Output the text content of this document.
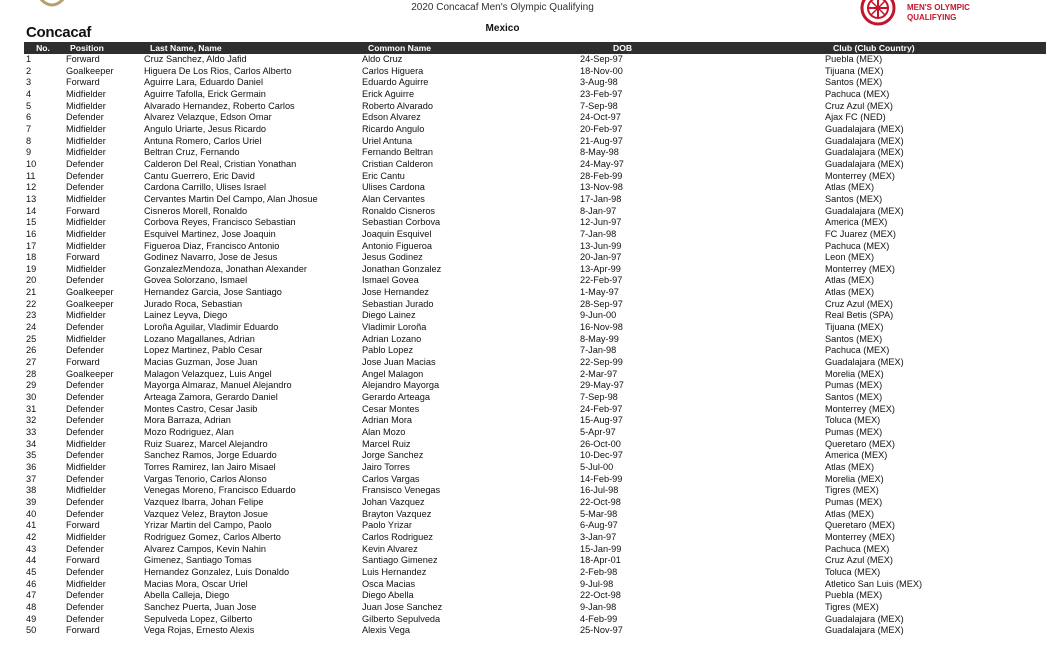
Concacaf
2020 Concacaf Men's Olympic Qualifying
Mexico
MEN'S OLYMPIC
QUALIFYING
No.	Position	Last Name, Name	Common Name	DOB	Club (Club Country)
1	Forward	Cruz Sanchez, Aldo Jafid	Aldo Cruz	24-Sep-97	Puebla (MEX)
2	Goalkeeper	Higuera De Los Rios, Carlos Alberto	Carlos Higuera	18-Nov-00	Tijuana (MEX)
3	Forward	Aguirre Lara, Eduardo Daniel	Eduardo Aguirre	3-Aug-98	Santos (MEX)
4	Midfielder	Aguirre Tafolla, Erick Germain	Erick Aguirre	23-Feb-97	Pachuca (MEX)
5	Midfielder	Alvarado Hernandez, Roberto Carlos	Roberto Alvarado	7-Sep-98	Cruz Azul (MEX)
6	Defender	Alvarez Velazque, Edson Omar	Edson Alvarez	24-Oct-97	Ajax FC (NED)
7	Midfielder	Angulo Uriarte, Jesus Ricardo	Ricardo Angulo	20-Feb-97	Guadalajara (MEX)
8	Midfielder	Antuna Romero, Carlos Uriel	Uriel Antuna	21-Aug-97	Guadalajara (MEX)
9	Midfielder	Beltran Cruz, Fernando	Fernando Beltran	8-May-98	Guadalajara (MEX)
10	Defender	Calderon Del Real, Cristian Yonathan	Cristian Calderon	24-May-97	Guadalajara (MEX)
11	Defender	Cantu Guerrero, Eric David	Eric Cantu	28-Feb-99	Monterrey (MEX)
12	Defender	Cardona Carrillo, Ulises Israel	Ulises Cardona	13-Nov-98	Atlas (MEX)
13	Midfielder	Cervantes Martin Del Campo, Alan Jhosue	Alan Cervantes	17-Jan-98	Santos (MEX)
14	Forward	Cisneros Morell, Ronaldo	Ronaldo Cisneros	8-Jan-97	Guadalajara (MEX)
15	Midfielder	Corbova Reyes, Francisco Sebastian	Sebastian Corbova	12-Jun-97	America (MEX)
16	Midfielder	Esquivel Martinez, Jose Joaquin	Joaquin Esquivel	7-Jan-98	FC Juarez (MEX)
17	Midfielder	Figueroa Diaz, Francisco Antonio	Antonio Figueroa	13-Jun-99	Pachuca (MEX)
18	Forward	Godinez Navarro, Jose de Jesus	Jesus Godinez	20-Jan-97	Leon (MEX)
19	Midfielder	GonzalezMendoza, Jonathan Alexander	Jonathan Gonzalez	13-Apr-99	Monterrey (MEX)
20	Defender	Govea Solorzano, Ismael	Ismael Govea	22-Feb-97	Atlas (MEX)
21	Goalkeeper	Hernandez Garcia, Jose Santiago	Jose Hernandez	1-May-97	Atlas (MEX)
22	Goalkeeper	Jurado Roca, Sebastian	Sebastian Jurado	28-Sep-97	Cruz Azul (MEX)
23	Midfielder	Lainez Leyva, Diego	Diego Lainez	9-Jun-00	Real Betis (SPA)
24	Defender	Loroña Aguilar, Vladimir Eduardo	Vladimir Loroña	16-Nov-98	Tijuana (MEX)
25	Midfielder	Lozano Magallanes, Adrian	Adrian Lozano	8-May-99	Santos (MEX)
26	Defender	Lopez Martinez, Pablo Cesar	Pablo Lopez	7-Jan-98	Pachuca (MEX)
27	Forward	Macias Guzman, Jose Juan	Jose Juan Macias	22-Sep-99	Guadalajara (MEX)
28	Goalkeeper	Malagon Velazquez, Luis Angel	Angel Malagon	2-Mar-97	Morelia (MEX)
29	Defender	Mayorga Almaraz, Manuel Alejandro	Alejandro Mayorga	29-May-97	Pumas (MEX)
30	Defender	Arteaga Zamora, Gerardo Daniel	Gerardo Arteaga	7-Sep-98	Santos (MEX)
31	Defender	Montes Castro, Cesar Jasib	Cesar Montes	24-Feb-97	Monterrey (MEX)
32	Defender	Mora Barraza, Adrian	Adrian Mora	15-Aug-97	Toluca (MEX)
33	Defender	Mozo Rodriguez, Alan	Alan Mozo	5-Apr-97	Pumas (MEX)
34	Midfielder	Ruiz Suarez, Marcel Alejandro	Marcel Ruiz	26-Oct-00	Queretaro (MEX)
35	Defender	Sanchez Ramos, Jorge Eduardo	Jorge Sanchez	10-Dec-97	America (MEX)
36	Midfielder	Torres Ramirez, Ian Jairo Misael	Jairo Torres	5-Jul-00	Atlas (MEX)
37	Defender	Vargas Tenorio, Carlos Alonso	Carlos Vargas	14-Feb-99	Morelia (MEX)
38	Midfielder	Venegas Moreno, Francisco Eduardo	Fransisco Venegas	16-Jul-98	Tigres (MEX)
39	Defender	Vazquez Ibarra, Johan Felipe	Johan Vazquez	22-Oct-98	Pumas (MEX)
40	Defender	Vazquez Velez, Brayton Josue	Brayton Vazquez	5-Mar-98	Atlas (MEX)
41	Forward	Yrizar Martin del Campo, Paolo	Paolo Yrizar	6-Aug-97	Queretaro (MEX)
42	Midfielder	Rodriguez Gomez, Carlos Alberto	Carlos Rodriguez	3-Jan-97	Monterrey (MEX)
43	Defender	Alvarez Campos, Kevin Nahin	Kevin Alvarez	15-Jan-99	Pachuca (MEX)
44	Forward	Gimenez, Santiago Tomas	Santiago Gimenez	18-Apr-01	Cruz Azul (MEX)
45	Defender	Hernandez Gonzalez, Luis Donaldo	Luis Hernandez	2-Feb-98	Toluca (MEX)
46	Midfielder	Macias Mora, Oscar Uriel	Osca Macias	9-Jul-98	Atletico San Luis (MEX)
47	Defender	Abella Calleja, Diego	Diego Abella	22-Oct-98	Puebla (MEX)
48	Defender	Sanchez Puerta, Juan Jose	Juan Jose Sanchez	9-Jan-98	Tigres (MEX)
49	Defender	Sepulveda Lopez, Gilberto	Gilberto Sepulveda	4-Feb-99	Guadalajara (MEX)
50	Forward	Vega Rojas, Ernesto Alexis	Alexis Vega	25-Nov-97	Guadalajara (MEX)
